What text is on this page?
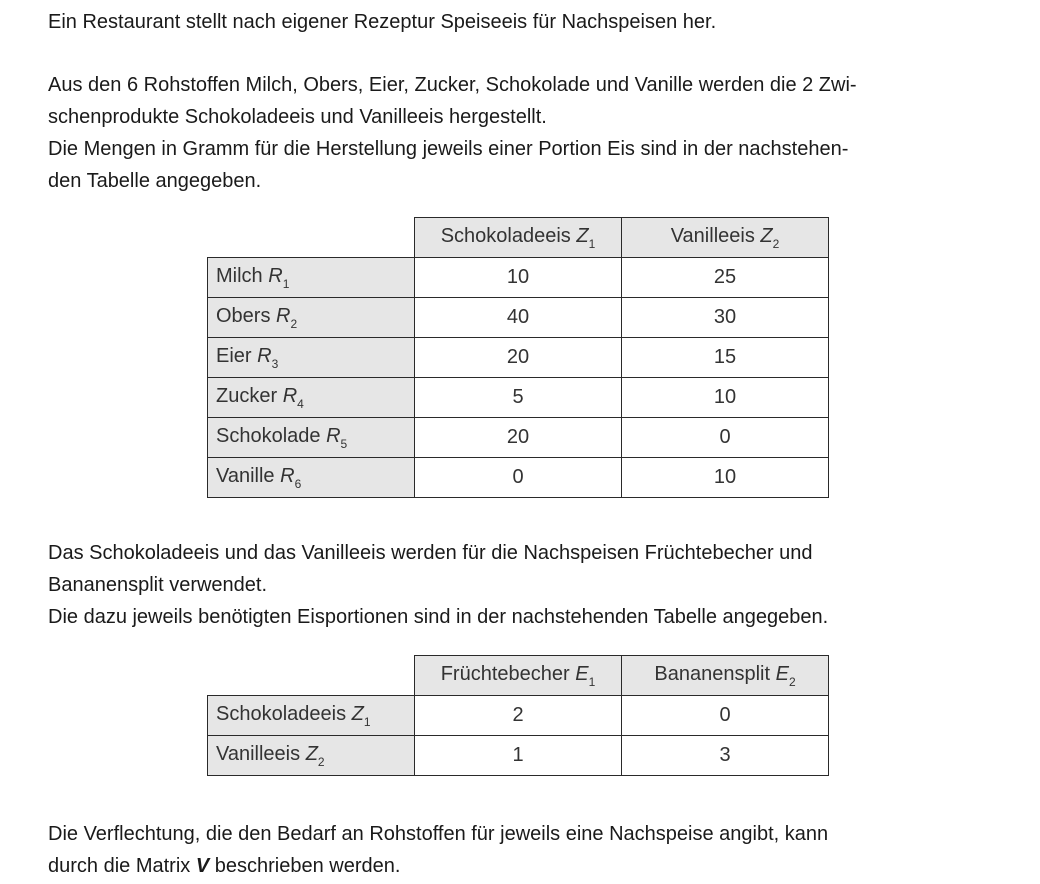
Ein Restaurant stellt nach eigener Rezeptur Speiseeis für Nachspeisen her.

Aus den 6 Rohstoffen Milch, Obers, Eier, Zucker, Schokolade und Vanille werden die 2 Zwi-
schenprodukte Schokoladeeis und Vanilleeis hergestellt.
Die Mengen in Gramm für die Herstellung jeweils einer Portion Eis sind in der nachstehen-
den Tabelle angegeben.

	Schokoladeeis $Z_1$	Vanilleeis $Z_2$
Milch $R_1$	10	25
Obers $R_2$	40	30
Eier $R_3$	20	15
Zucker $R_4$	5	10
Schokolade $R_5$	20	0
Vanille $R_6$	0	10

Das Schokoladeeis und das Vanilleeis werden für die Nachspeisen Früchtebecher und
Bananensplit verwendet.
Die dazu jeweils benötigten Eisportionen sind in der nachstehenden Tabelle angegeben.

	Früchtebecher $E_1$	Bananensplit $E_2$
Schokoladeeis $Z_1$	2	0
Vanilleeis $Z_2$	1	3

Die Verflechtung, die den Bedarf an Rohstoffen für jeweils eine Nachspeise angibt, kann
durch die Matrix V beschrieben werden.
